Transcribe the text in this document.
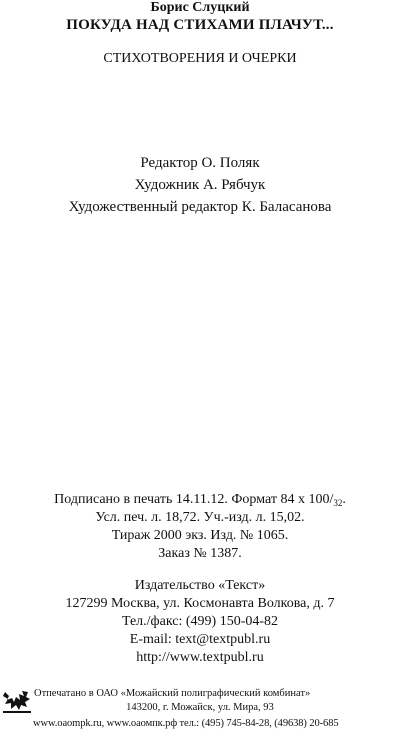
Борис Слуцкий
ПОКУДА НАД СТИХАМИ ПЛАЧУТ...
СТИХОТВОРЕНИЯ И ОЧЕРКИ
Редактор О. Поляк
Художник А. Рябчук
Художественный редактор К. Баласанова
Подписано в печать 14.11.12. Формат 84 х $100/_{32}$.
Усл. печ. л. 18,72. Уч.-изд. л. 15,02.
Тираж 2000 экз. Изд. № 1065.
Заказ № 1387.
Издательство «Текст»
127299 Москва, ул. Космонавта Волкова, д. 7
Тел./факс: (499) 150-04-82
E-mail: text@textpubl.ru
http://www.textpubl.ru
Отпечатано в ОАО «Можайский полиграфический комбинат»
143200, г. Можайск, ул. Мира, 93
www.oaompk.ru, www.оаомпк.рф тел.: (495) 745-84-28, (49638) 20-685
